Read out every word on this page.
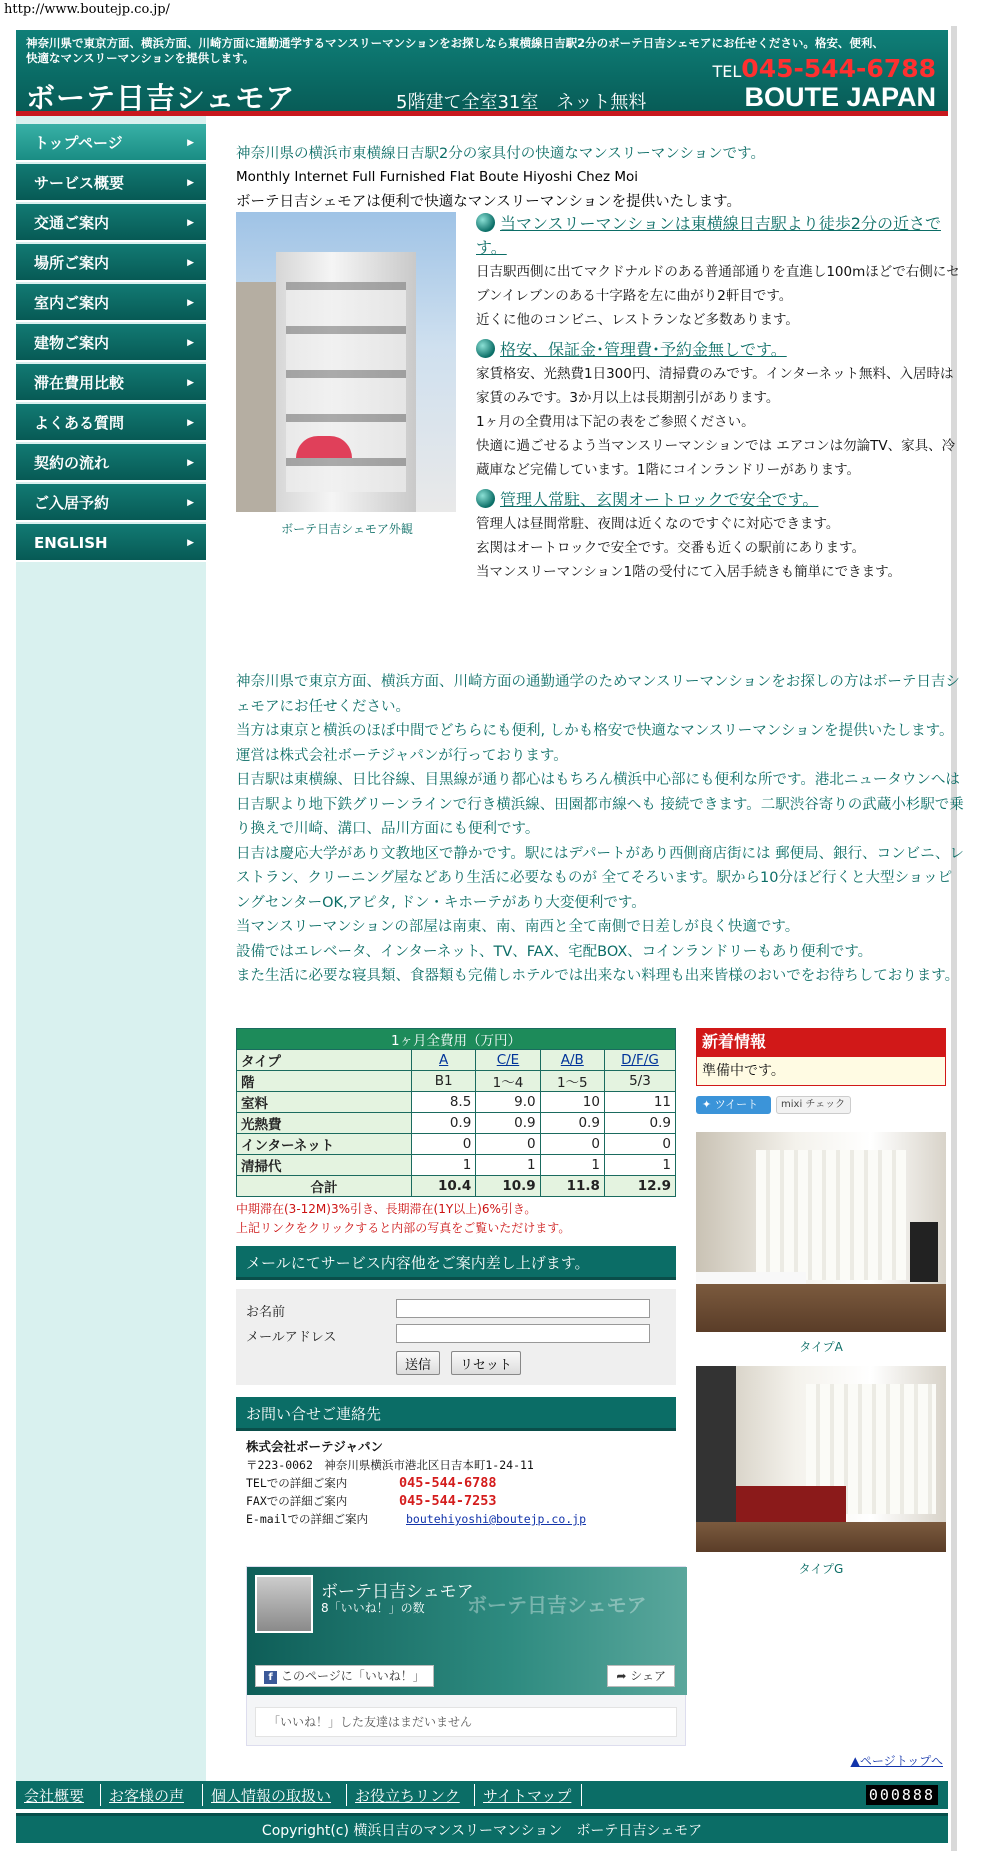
http://www.boutejp.co.jp/
神奈川県で東京方面、横浜方面、川崎方面に通勤通学するマンスリーマンションをお探しなら東横線日吉駅2分のボーテ日吉シェモアにお任せください。格安、便利、快適なマンスリーマンションを提供します。
ボーテ日吉シェモア	5階建て全室31室　ネット無料
TEL045-544-6788
BOUTE JAPAN
トップページ	▶
サービス概要	▶
交通ご案内	▶
場所ご案内	▶
室内ご案内	▶
建物ご案内	▶
滞在費用比較	▶
よくある質問	▶
契約の流れ	▶
ご入居予約	▶
ENGLISH	▶
神奈川県の横浜市東横線日吉駅2分の家具付の快適なマンスリーマンションです。
Monthly Internet Full Furnished Flat Boute Hiyoshi Chez Moi
ボーテ日吉シェモアは便利で快適なマンスリーマンションを提供いたします。
ボーテ日吉シェモア外観
当マンスリーマンションは東横線日吉駅より徒歩2分の近さです。
日吉駅西側に出てマクドナルドのある普通部通りを直進し100mほどで右側にセブンイレブンのある十字路を左に曲がり2軒目です。
近くに他のコンビニ、レストランなど多数あります。
格安、保証金･管理費･予約金無しです。
家賃格安、光熱費1日300円、清掃費のみです。インターネット無料、入居時は家賃のみです。3か月以上は長期割引があります。
1ヶ月の全費用は下記の表をご参照ください。
快適に過ごせるよう当マンスリーマンションでは エアコンは勿論TV、家具、冷蔵庫など完備しています。1階にコインランドリーがあります。
管理人常駐、玄関オートロックで安全です。
管理人は昼間常駐、夜間は近くなのですぐに対応できます。
玄関はオートロックで安全です。交番も近くの駅前にあります。
当マンスリーマンション1階の受付にて入居手続きも簡単にできます。
神奈川県で東京方面、横浜方面、川崎方面の通勤通学のためマンスリーマンションをお探しの方はボーテ日吉シェモアにお任せください。
当方は東京と横浜のほぼ中間でどちらにも便利, しかも格安で快適なマンスリーマンションを提供いたします。運営は株式会社ボーテジャパンが行っております。
日吉駅は東横線、日比谷線、目黒線が通り都心はもちろん横浜中心部にも便利な所です。港北ニュータウンへは日吉駅より地下鉄グリーンラインで行き横浜線、田園都市線へも 接続できます。二駅渋谷寄りの武蔵小杉駅で乗り換えで川崎、溝口、品川方面にも便利です。
日吉は慶応大学があり文教地区で静かです。駅にはデパートがあり西側商店街には 郵便局、銀行、コンビニ、レストラン、クリーニング屋などあり生活に必要なものが 全てそろいます。駅から10分ほど行くと大型ショッピングセンターOK,アピタ, ドン・キホーテがあり大変便利です。
当マンスリーマンションの部屋は南東、南、南西と全て南側で日差しが良く快適です。
設備ではエレベータ、インターネット、TV、FAX、宅配BOX、コインランドリーもあり便利です。
また生活に必要な寝具類、食器類も完備しホテルでは出来ない料理も出来皆様のおいでをお待ちしております。
1ヶ月全費用（万円）				
タイプ	A	C/E	A/B	D/F/G
階	B1	1～4	1～5	5/3
室料	8.5	9.0	10	11
光熱費	0.9	0.9	0.9	0.9
インターネット	0	0	0	0
清掃代	1	1	1	1
合計	10.4	10.9	11.8	12.9
中期滞在(3-12M)3%引き、長期滞在(1Y以上)6%引き。
上記リンクをクリックすると内部の写真をご覧いただけます。
メールにてサービス内容他をご案内差し上げます。
お名前
メールアドレス
送信	リセット
お問い合せご連絡先
株式会社ボーテジャパン
〒223-0062　神奈川県横浜市港北区日吉本町1-24-11
TELでの詳細ご案内	045-544-6788
FAXでの詳細ご案内	045-544-7253
E-mailでの詳細ご案内	boutehiyoshi@boutejp.co.jp
ボーテ日吉シェモア
8「いいね！」の数 ボーテ日吉シェモア
f このページに「いいね！」	➦ シェア
「いいね！」した友達はまだいません
新着情報
準備中です。
✦ ツイート	mixi チェック
タイプA
タイプG
▲ページトップへ
会社概要 お客様の声 個人情報の取扱い お役立ちリンク サイトマップ	000888
Copyright(c) 横浜日吉のマンスリーマンション　ボーテ日吉シェモア
